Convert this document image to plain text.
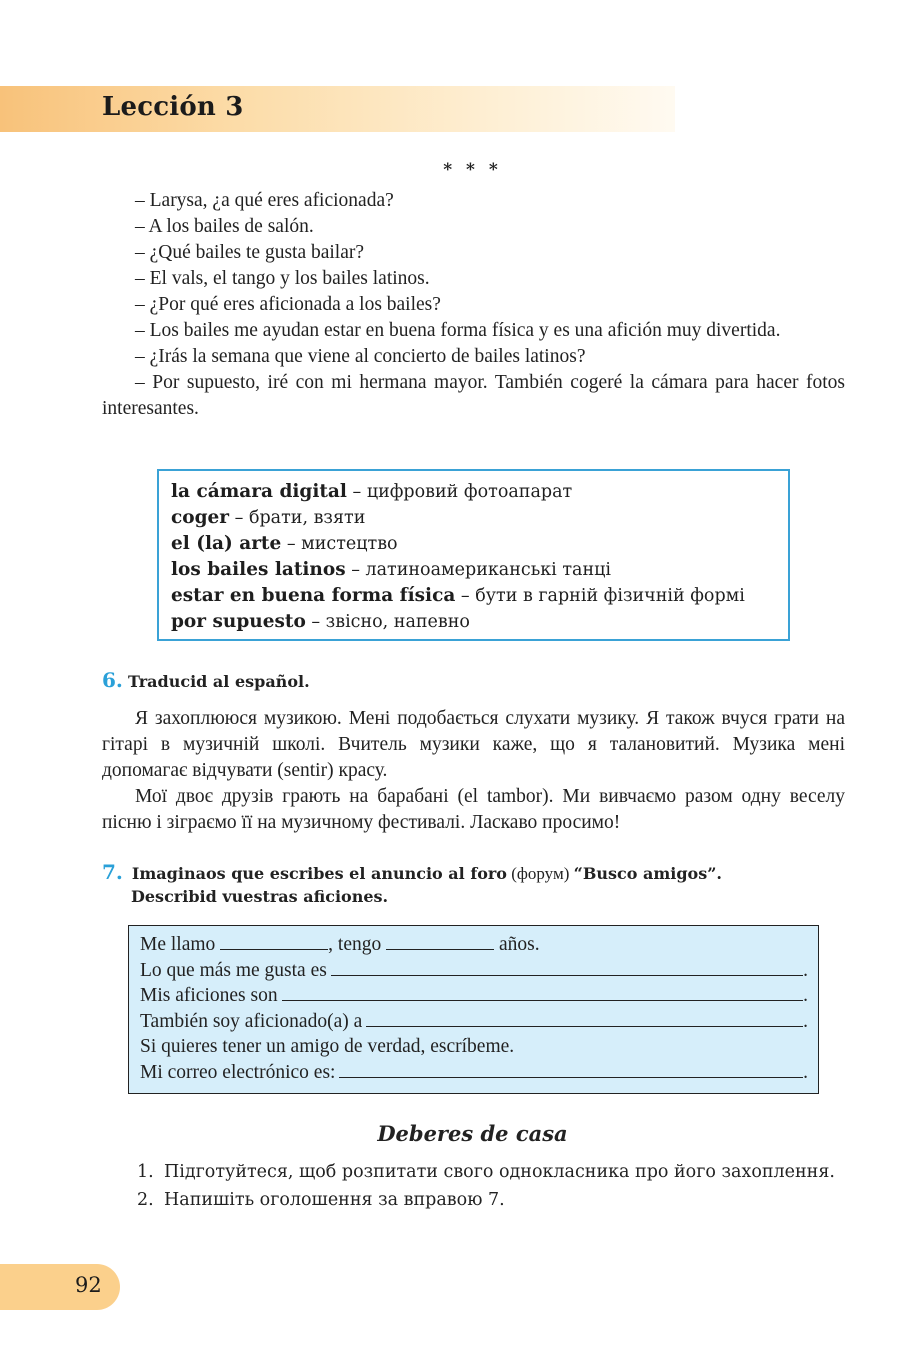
Lección 3
* * *

– Larysa, ¿a qué eres aficionada?

– A los bailes de salón.

– ¿Qué bailes te gusta bailar?

– El vals, el tango y los bailes latinos.

– ¿Por qué eres aficionada a los bailes?

– Los bailes me ayudan estar en buena forma física y es una afición muy divertida.

– ¿Irás la semana que viene al concierto de bailes latinos?

– Por supuesto, iré con mi hermana mayor. También cogeré la cámara para hacer fotos interesantes.

la cámara digital – цифровий фотоапарат
coger – брати, взяти
el (la) arte – мистецтво
los bailes latinos – латиноамериканські танці
estar en buena forma física – бути в гарній фізичній формі
por supuesto – звісно, напевно
6. Traducid al español.

Я захоплююся музикою. Мені подобається слухати музику. Я також вчуся грати на гітарі в музичній школі. Вчитель музики каже, що я талановитий. Музика мені допомагає відчувати (sentir) красу.

Мої двоє друзів грають на барабані (el tambor). Ми вивчаємо разом одну веселу пісню і зіграємо її на музичному фестивалі. Ласкаво просимо!

7. Imaginaos que escribes el anuncio al foro (форум) “Busco amigos”.
Describid vuestras aficiones.
Me llamo	, tengo	años.
Lo que más me gusta es	.
Mis aficiones son	.
También soy aficionado(a) a	.
Si quieres tener un amigo de verdad, escríbeme.
Mi correo electrónico es:	.
Deberes de casa
1. Підготуйтеся, щоб розпитати свого однокласника про його захоплення.
2. Напишіть оголошення за вправою 7.
92
